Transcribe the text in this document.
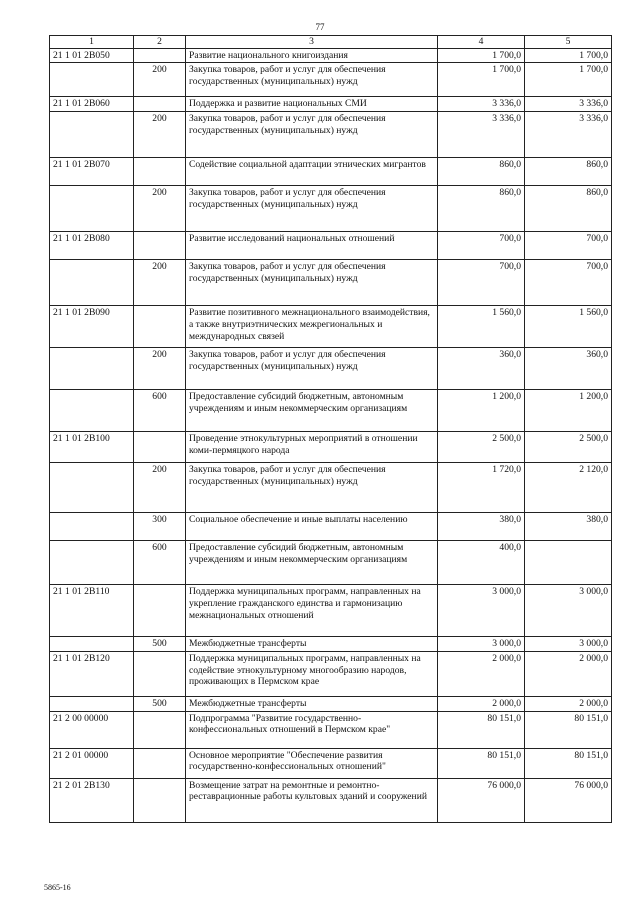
77
1	2	3	4	5
21 1 01 2В050		Развитие национального книгоиздания	1 700,0	1 700,0
	200	Закупка товаров, работ и услуг для обеспечения государственных (муниципальных) нужд	1 700,0	1 700,0
21 1 01 2В060		Поддержка и развитие национальных СМИ	3 336,0	3 336,0
	200	Закупка товаров, работ и услуг для обеспечения государственных (муниципальных) нужд	3 336,0	3 336,0
21 1 01 2В070		Содействие социальной адаптации этнических мигрантов	860,0	860,0
	200	Закупка товаров, работ и услуг для обеспечения государственных (муниципальных) нужд	860,0	860,0
21 1 01 2В080		Развитие исследований национальных отношений	700,0	700,0
	200	Закупка товаров, работ и услуг для обеспечения государственных (муниципальных) нужд	700,0	700,0
21 1 01 2В090		Развитие позитивного межнационального взаимодействия, а также внутриэтнических межрегиональных и международных связей	1 560,0	1 560,0
	200	Закупка товаров, работ и услуг для обеспечения государственных (муниципальных) нужд	360,0	360,0
	600	Предоставление субсидий бюджетным, автономным учреждениям и иным некоммерческим организациям	1 200,0	1 200,0
21 1 01 2В100		Проведение этнокультурных мероприятий в отношении коми-пермяцкого народа	2 500,0	2 500,0
	200	Закупка товаров, работ и услуг для обеспечения государственных (муниципальных) нужд	1 720,0	2 120,0
	300	Социальное обеспечение и иные выплаты населению	380,0	380,0
	600	Предоставление субсидий бюджетным, автономным учреждениям и иным некоммерческим организациям	400,0	
21 1 01 2В110		Поддержка муниципальных программ, направленных на укрепление гражданского единства и гармонизацию межнациональных отношений	3 000,0	3 000,0
	500	Межбюджетные трансферты	3 000,0	3 000,0
21 1 01 2В120		Поддержка муниципальных программ, направленных на содействие этнокультурному многообразию народов, проживающих в Пермском крае	2 000,0	2 000,0
	500	Межбюджетные трансферты	2 000,0	2 000,0
21 2 00 00000		Подпрограмма "Развитие государственно-конфессиональных отношений в Пермском крае"	80 151,0	80 151,0
21 2 01 00000		Основное мероприятие "Обеспечение развития государственно-конфессиональных отношений"	80 151,0	80 151,0
21 2 01 2В130		Возмещение затрат на ремонтные и ремонтно-реставрационные работы культовых зданий и сооружений	76 000,0	76 000,0
5865-16
